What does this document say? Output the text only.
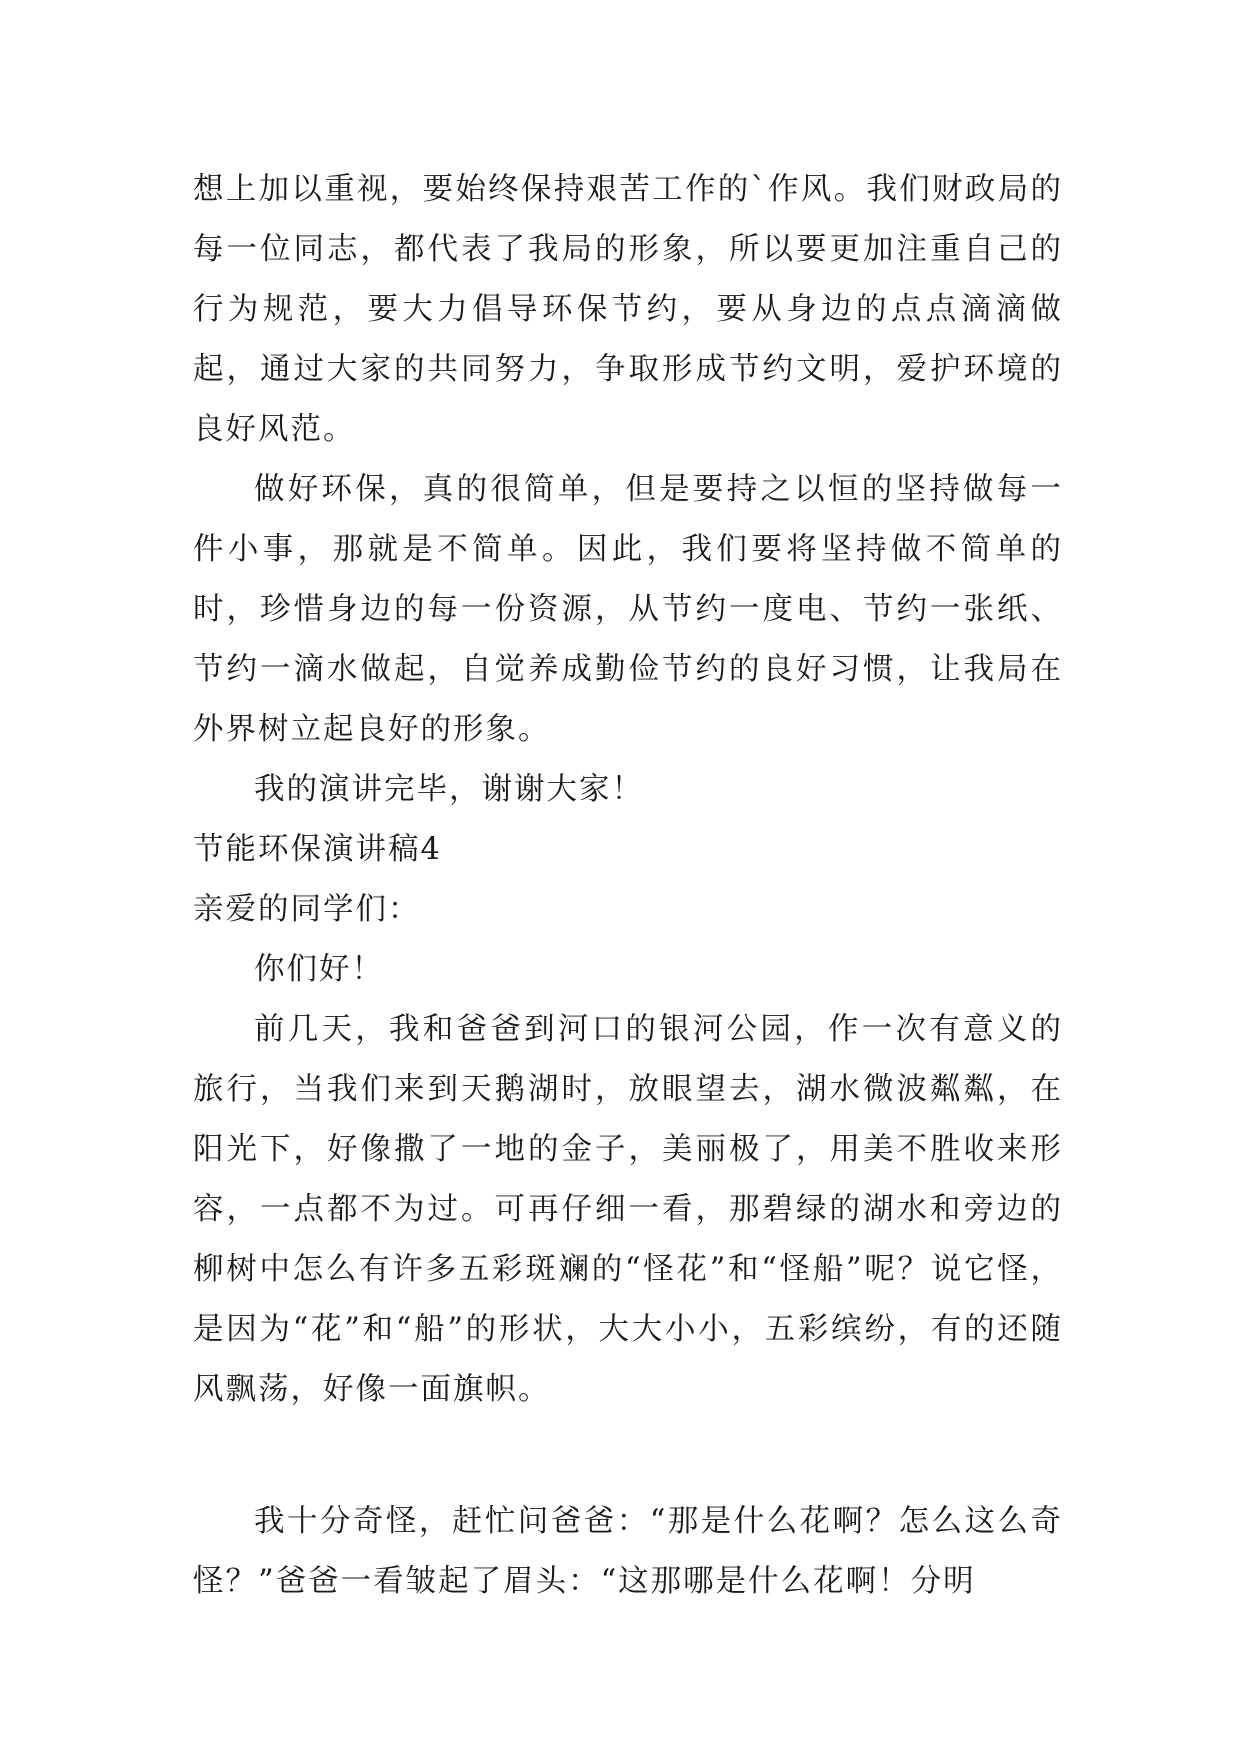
想上加以重视，要始终保持艰苦工作的`作风。我们财政局的每一位同志，都代表了我局的形象，所以要更加注重自己的行为规范，要大力倡导环保节约，要从身边的点点滴滴做起，通过大家的共同努力，争取形成节约文明，爱护环境的良好风范。

做好环保，真的很简单，但是要持之以恒的坚持做每一件小事，那就是不简单。因此，我们要将坚持做不简单的时，珍惜身边的每一份资源，从节约一度电、节约一张纸、节约一滴水做起，自觉养成勤俭节约的良好习惯，让我局在外界树立起良好的形象。

我的演讲完毕，谢谢大家！

节能环保演讲稿4

亲爱的同学们：

你们好！

前几天，我和爸爸到河口的银河公园，作一次有意义的旅行，当我们来到天鹅湖时，放眼望去，湖水微波粼粼，在阳光下，好像撒了一地的金子，美丽极了，用美不胜收来形容，一点都不为过。可再仔细一看，那碧绿的湖水和旁边的柳树中怎么有许多五彩斑斓的“怪花”和“怪船”呢？说它怪，是因为“花”和“船”的形状，大大小小，五彩缤纷，有的还随风飘荡，好像一面旗帜。

我十分奇怪，赶忙问爸爸：“那是什么花啊？怎么这么奇怪？”爸爸一看皱起了眉头：“这那哪是什么花啊！分明
